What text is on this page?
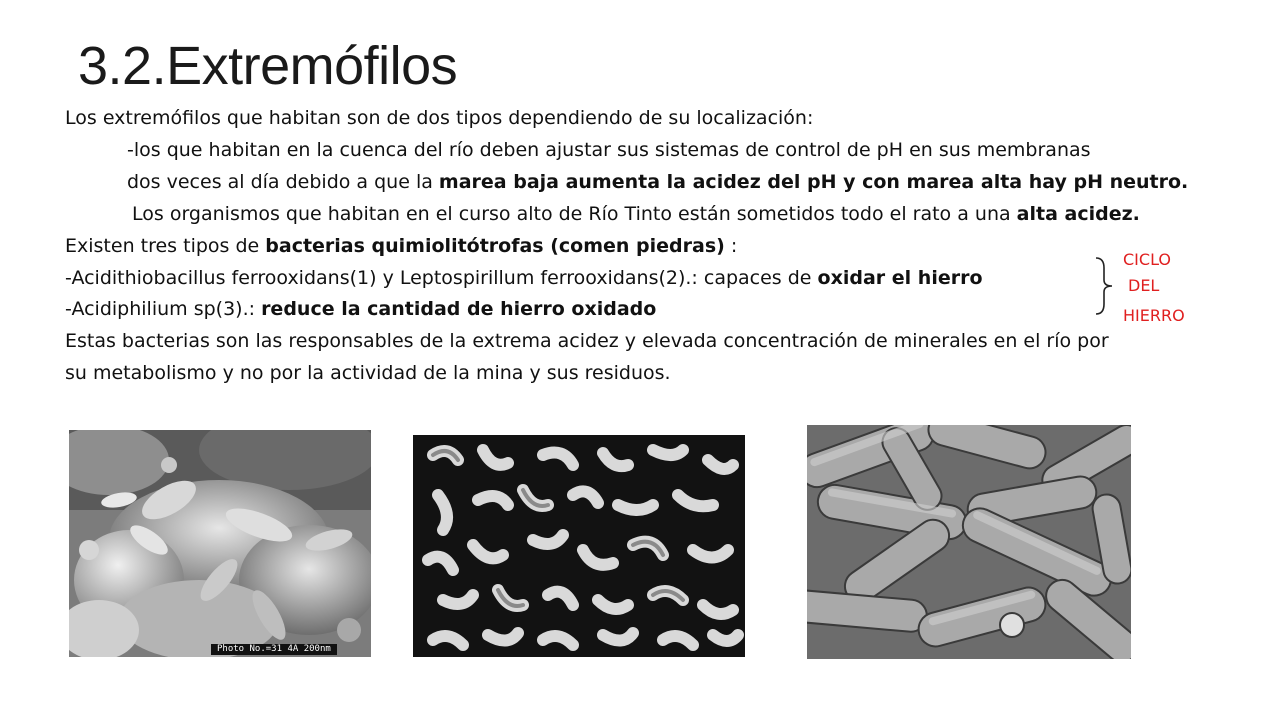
3.2.Extremófilos
Los extremófilos que habitan son de dos tipos dependiendo de su localización:
-los que habitan en la cuenca del río deben ajustar sus sistemas de control de pH en sus membranas
dos veces al día debido a que la marea baja aumenta la acidez del pH y con marea alta hay pH neutro.
Los organismos que habitan en el curso alto de Río Tinto están sometidos todo el rato a una alta acidez.
Existen tres tipos de bacterias quimiolitótrofas (comen piedras) :
-Acidithiobacillus ferrooxidans(1) y Leptospirillum ferrooxidans(2).: capaces de oxidar el hierro
-Acidiphilium sp(3).: reduce la cantidad de hierro oxidado
Estas bacterias son las responsables de la extrema acidez y elevada concentración de minerales en el río por
su metabolismo y no por la actividad de la mina y sus residuos.
CICLO
DEL
HIERRO
Photo No.=31 4A 200nm
